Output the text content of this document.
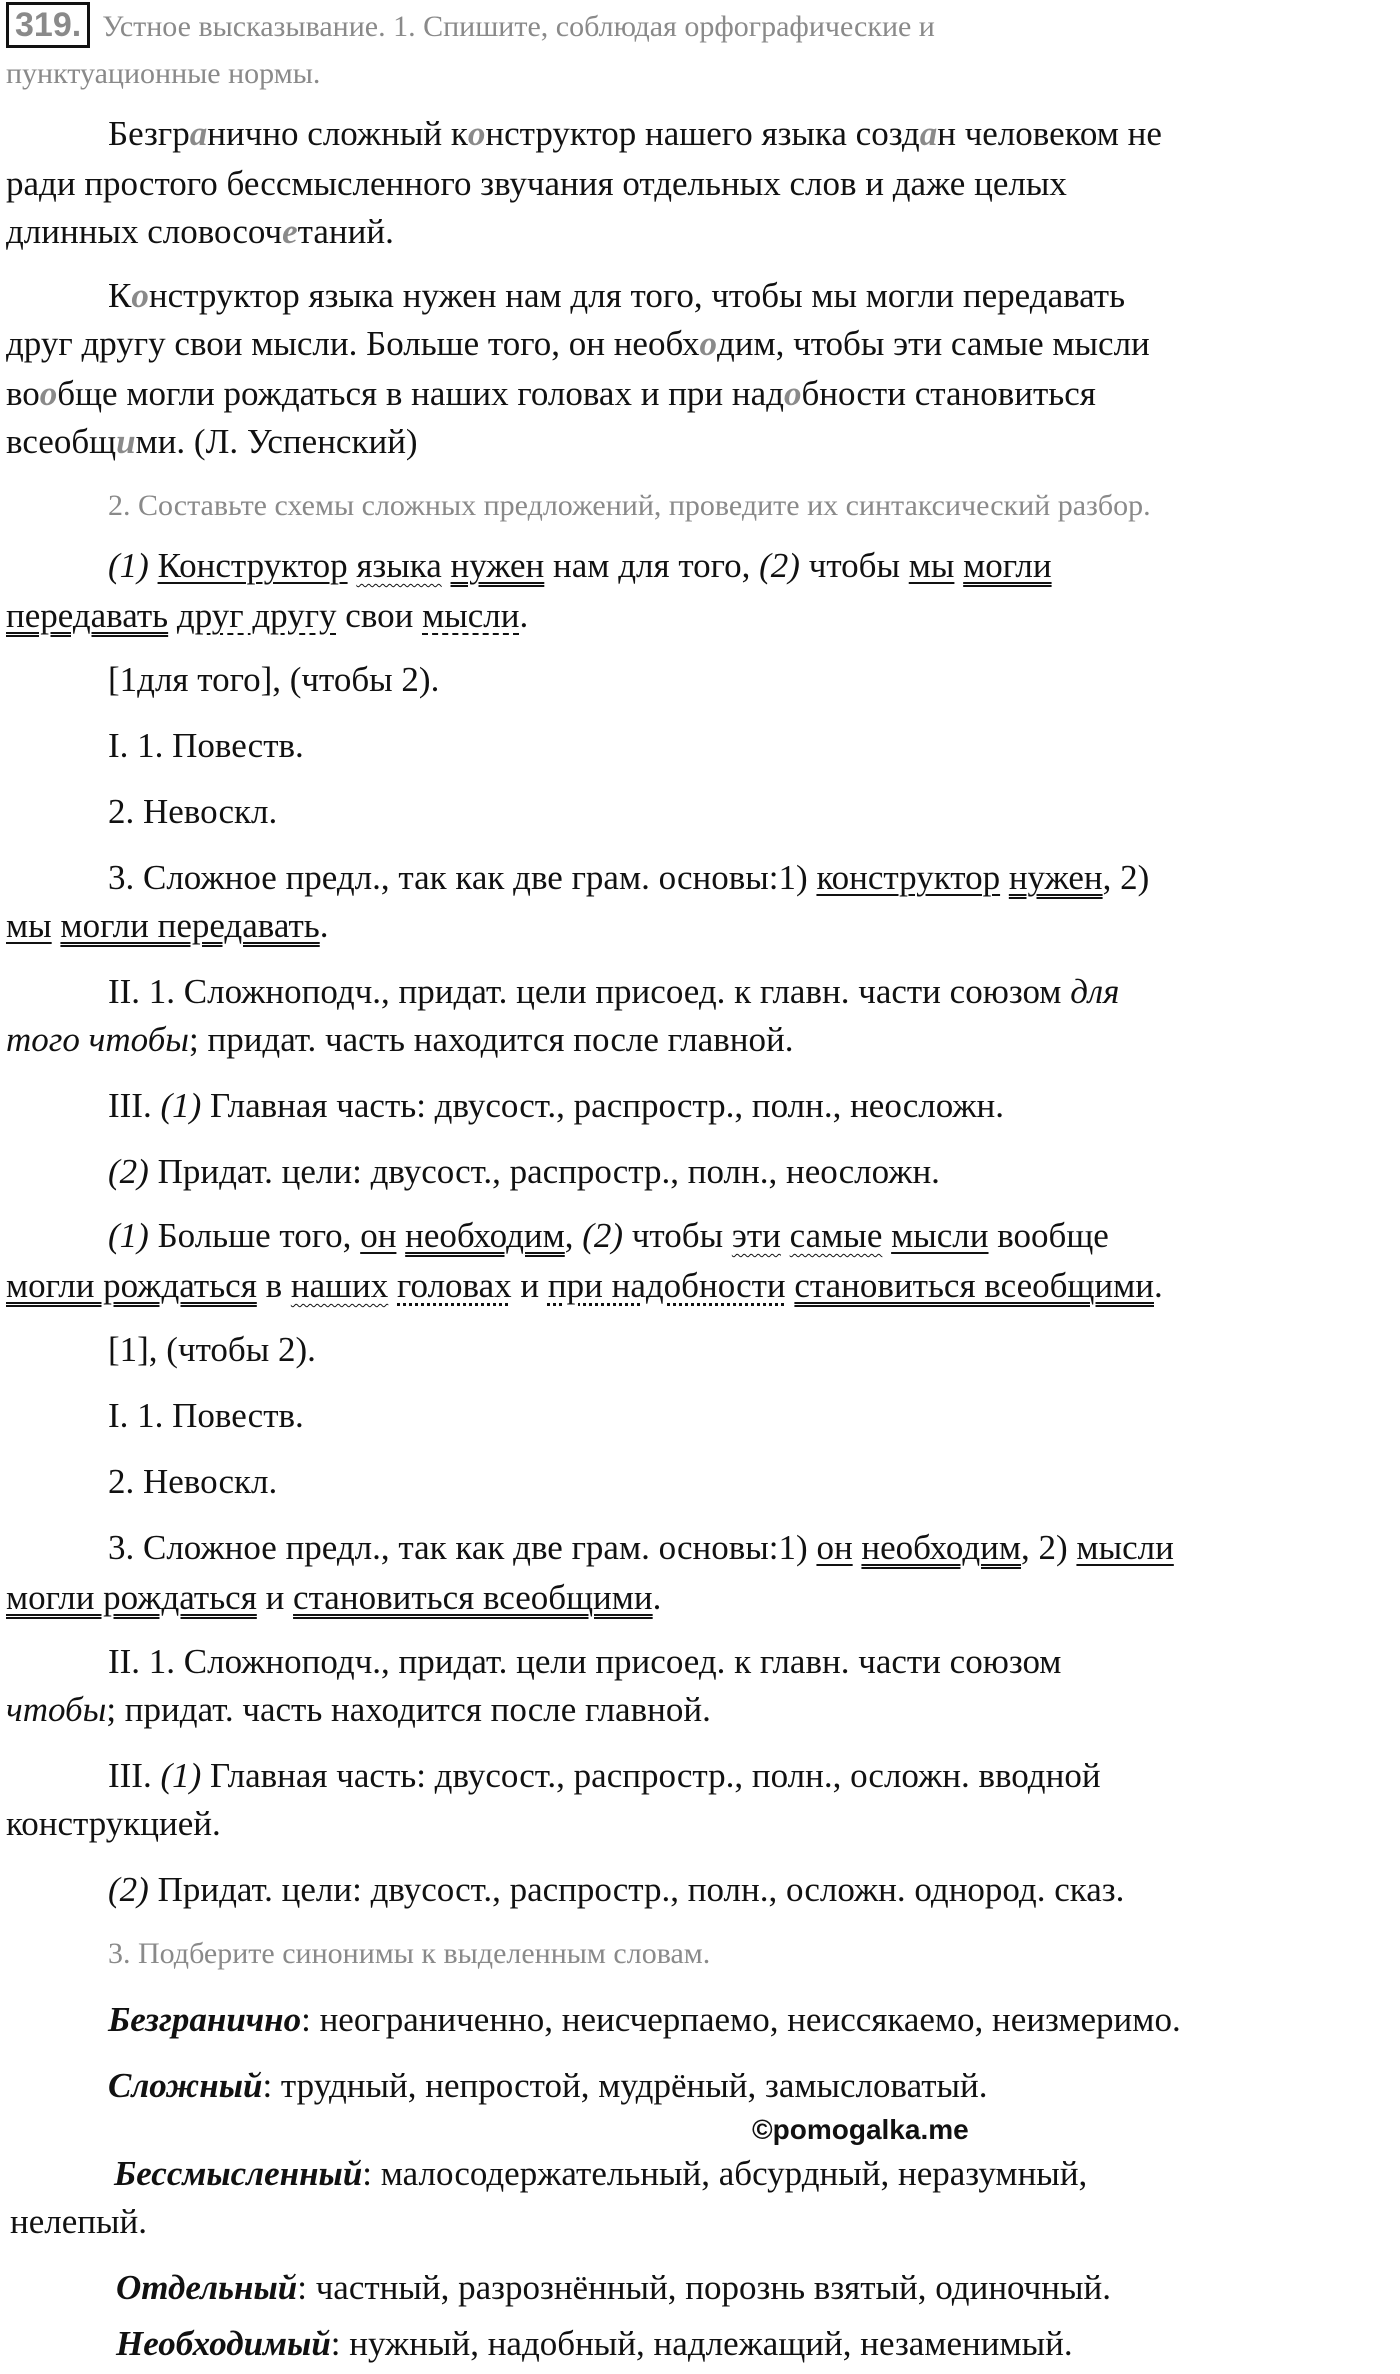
319. Устное высказывание. 1. Спишите, соблюдая орфографические и
пунктуационные нормы.
Безгранично сложный конструктор нашего языка создан человеком не
ради простого бессмысленного звучания отдельных слов и даже целых
длинных словосочетаний.
Конструктор языка нужен нам для того, чтобы мы могли передавать
друг другу свои мысли. Больше того, он необходим, чтобы эти самые мысли
вообще могли рождаться в наших головах и при надобности становиться
всеобщими. (Л. Успенский)
2. Составьте схемы сложных предложений, проведите их синтаксический разбор.
(1) Конструктор языка нужен нам для того, (2) чтобы мы могли
передавать друг другу свои мысли.
[1для того], (чтобы 2).
I. 1. Повеств.
2. Невоскл.
3. Сложное предл., так как две грам. основы:1) конструктор нужен, 2)
мы могли передавать.
II. 1. Сложноподч., придат. цели присоед. к главн. части союзом для
того чтобы; придат. часть находится после главной.
III. (1) Главная часть: двусост., распростр., полн., неосложн.
(2) Придат. цели: двусост., распростр., полн., неосложн.
(1) Больше того, он необходим, (2) чтобы эти самые мысли вообще
могли рождаться в наших головах и при надобности становиться всеобщими.
[1], (чтобы 2).
I. 1. Повеств.
2. Невоскл.
3. Сложное предл., так как две грам. основы:1) он необходим, 2) мысли
могли рождаться и становиться всеобщими.
II. 1. Сложноподч., придат. цели присоед. к главн. части союзом
чтобы; придат. часть находится после главной.
III. (1) Главная часть: двусост., распростр., полн., осложн. вводной
конструкцией.
(2) Придат. цели: двусост., распростр., полн., осложн. однород. сказ.
3. Подберите синонимы к выделенным словам.
Безгранично: неограниченно, неисчерпаемо, неиссякаемо, неизмеримо.
Сложный: трудный, непростой, мудрёный, замысловатый.
©pomogalka.me
Бессмысленный: малосодержательный, абсурдный, неразумный,
нелепый.
Отдельный: частный, разрознённый, порознь взятый, одиночный.
Необходимый: нужный, надобный, надлежащий, незаменимый.
